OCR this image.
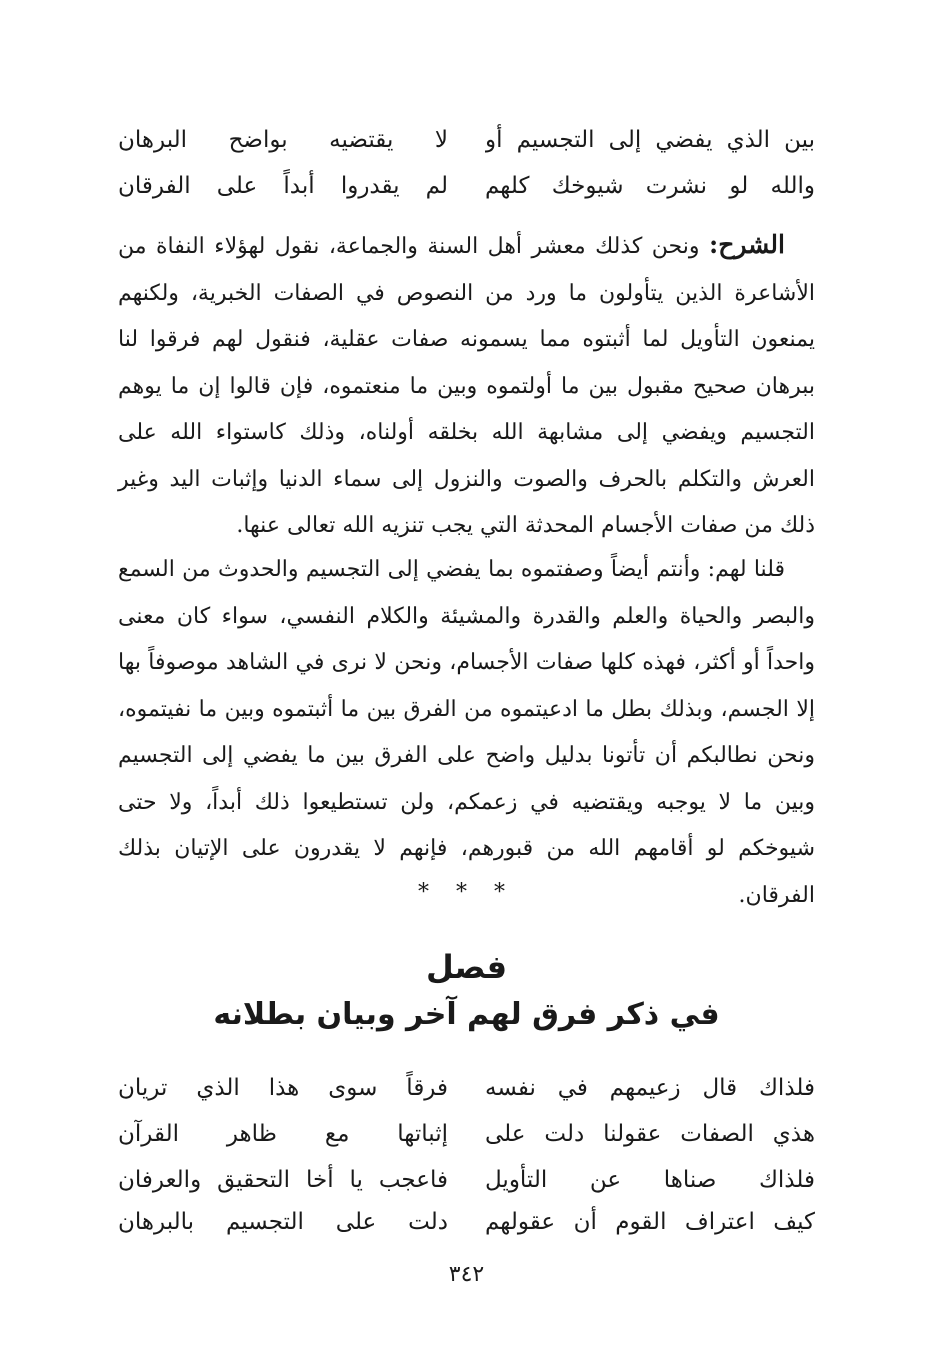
بين الذي يفضي إلى التجسيم أو
لا يقتضيه بواضح البرهان
والله لو نشرت شيوخك كلهم
لم يقدروا أبداً على الفرقان

الشرح: ونحن كذلك معشر أهل السنة والجماعة، نقول لهؤلاء النفاة من الأشاعرة الذين يتأولون ما ورد من النصوص في الصفات الخبرية، ولكنهم يمنعون التأويل لما أثبتوه مما يسمونه صفات عقلية، فنقول لهم فرقوا لنا ببرهان صحيح مقبول بين ما أولتموه وبين ما منعتموه، فإن قالوا إن ما يوهم التجسيم ويفضي إلى مشابهة الله بخلقه أولناه، وذلك كاستواء الله على العرش والتكلم بالحرف والصوت والنزول إلى سماء الدنيا وإثبات اليد وغير ذلك من صفات الأجسام المحدثة التي يجب تنزيه الله تعالى عنها.

قلنا لهم: وأنتم أيضاً وصفتموه بما يفضي إلى التجسيم والحدوث من السمع والبصر والحياة والعلم والقدرة والمشيئة والكلام النفسي، سواء كان معنى واحداً أو أكثر، فهذه كلها صفات الأجسام، ونحن لا نرى في الشاهد موصوفاً بها إلا الجسم، وبذلك بطل ما ادعيتموه من الفرق بين ما أثبتموه وبين ما نفيتموه، ونحن نطالبكم أن تأتونا بدليل واضح على الفرق بين ما يفضي إلى التجسيم وبين ما لا يوجبه ويقتضيه في زعمكم، ولن تستطيعوا ذلك أبداً، ولا حتى شيوخكم لو أقامهم الله من قبورهم، فإنهم لا يقدرون على الإتيان بذلك الفرقان.

* * *
فصل
في ذكر فرق لهم آخر وبيان بطلانه
فلذاك قال زعيمهم في نفسه
فرقاً سوى هذا الذي تريان
هذي الصفات عقولنا دلت على
إثباتها مع ظاهر القرآن
فلذاك صناها عن التأويل
فاعجب يا أخا التحقيق والعرفان
كيف اعتراف القوم أن عقولهم
دلت على التجسيم بالبرهان
٣٤٢
